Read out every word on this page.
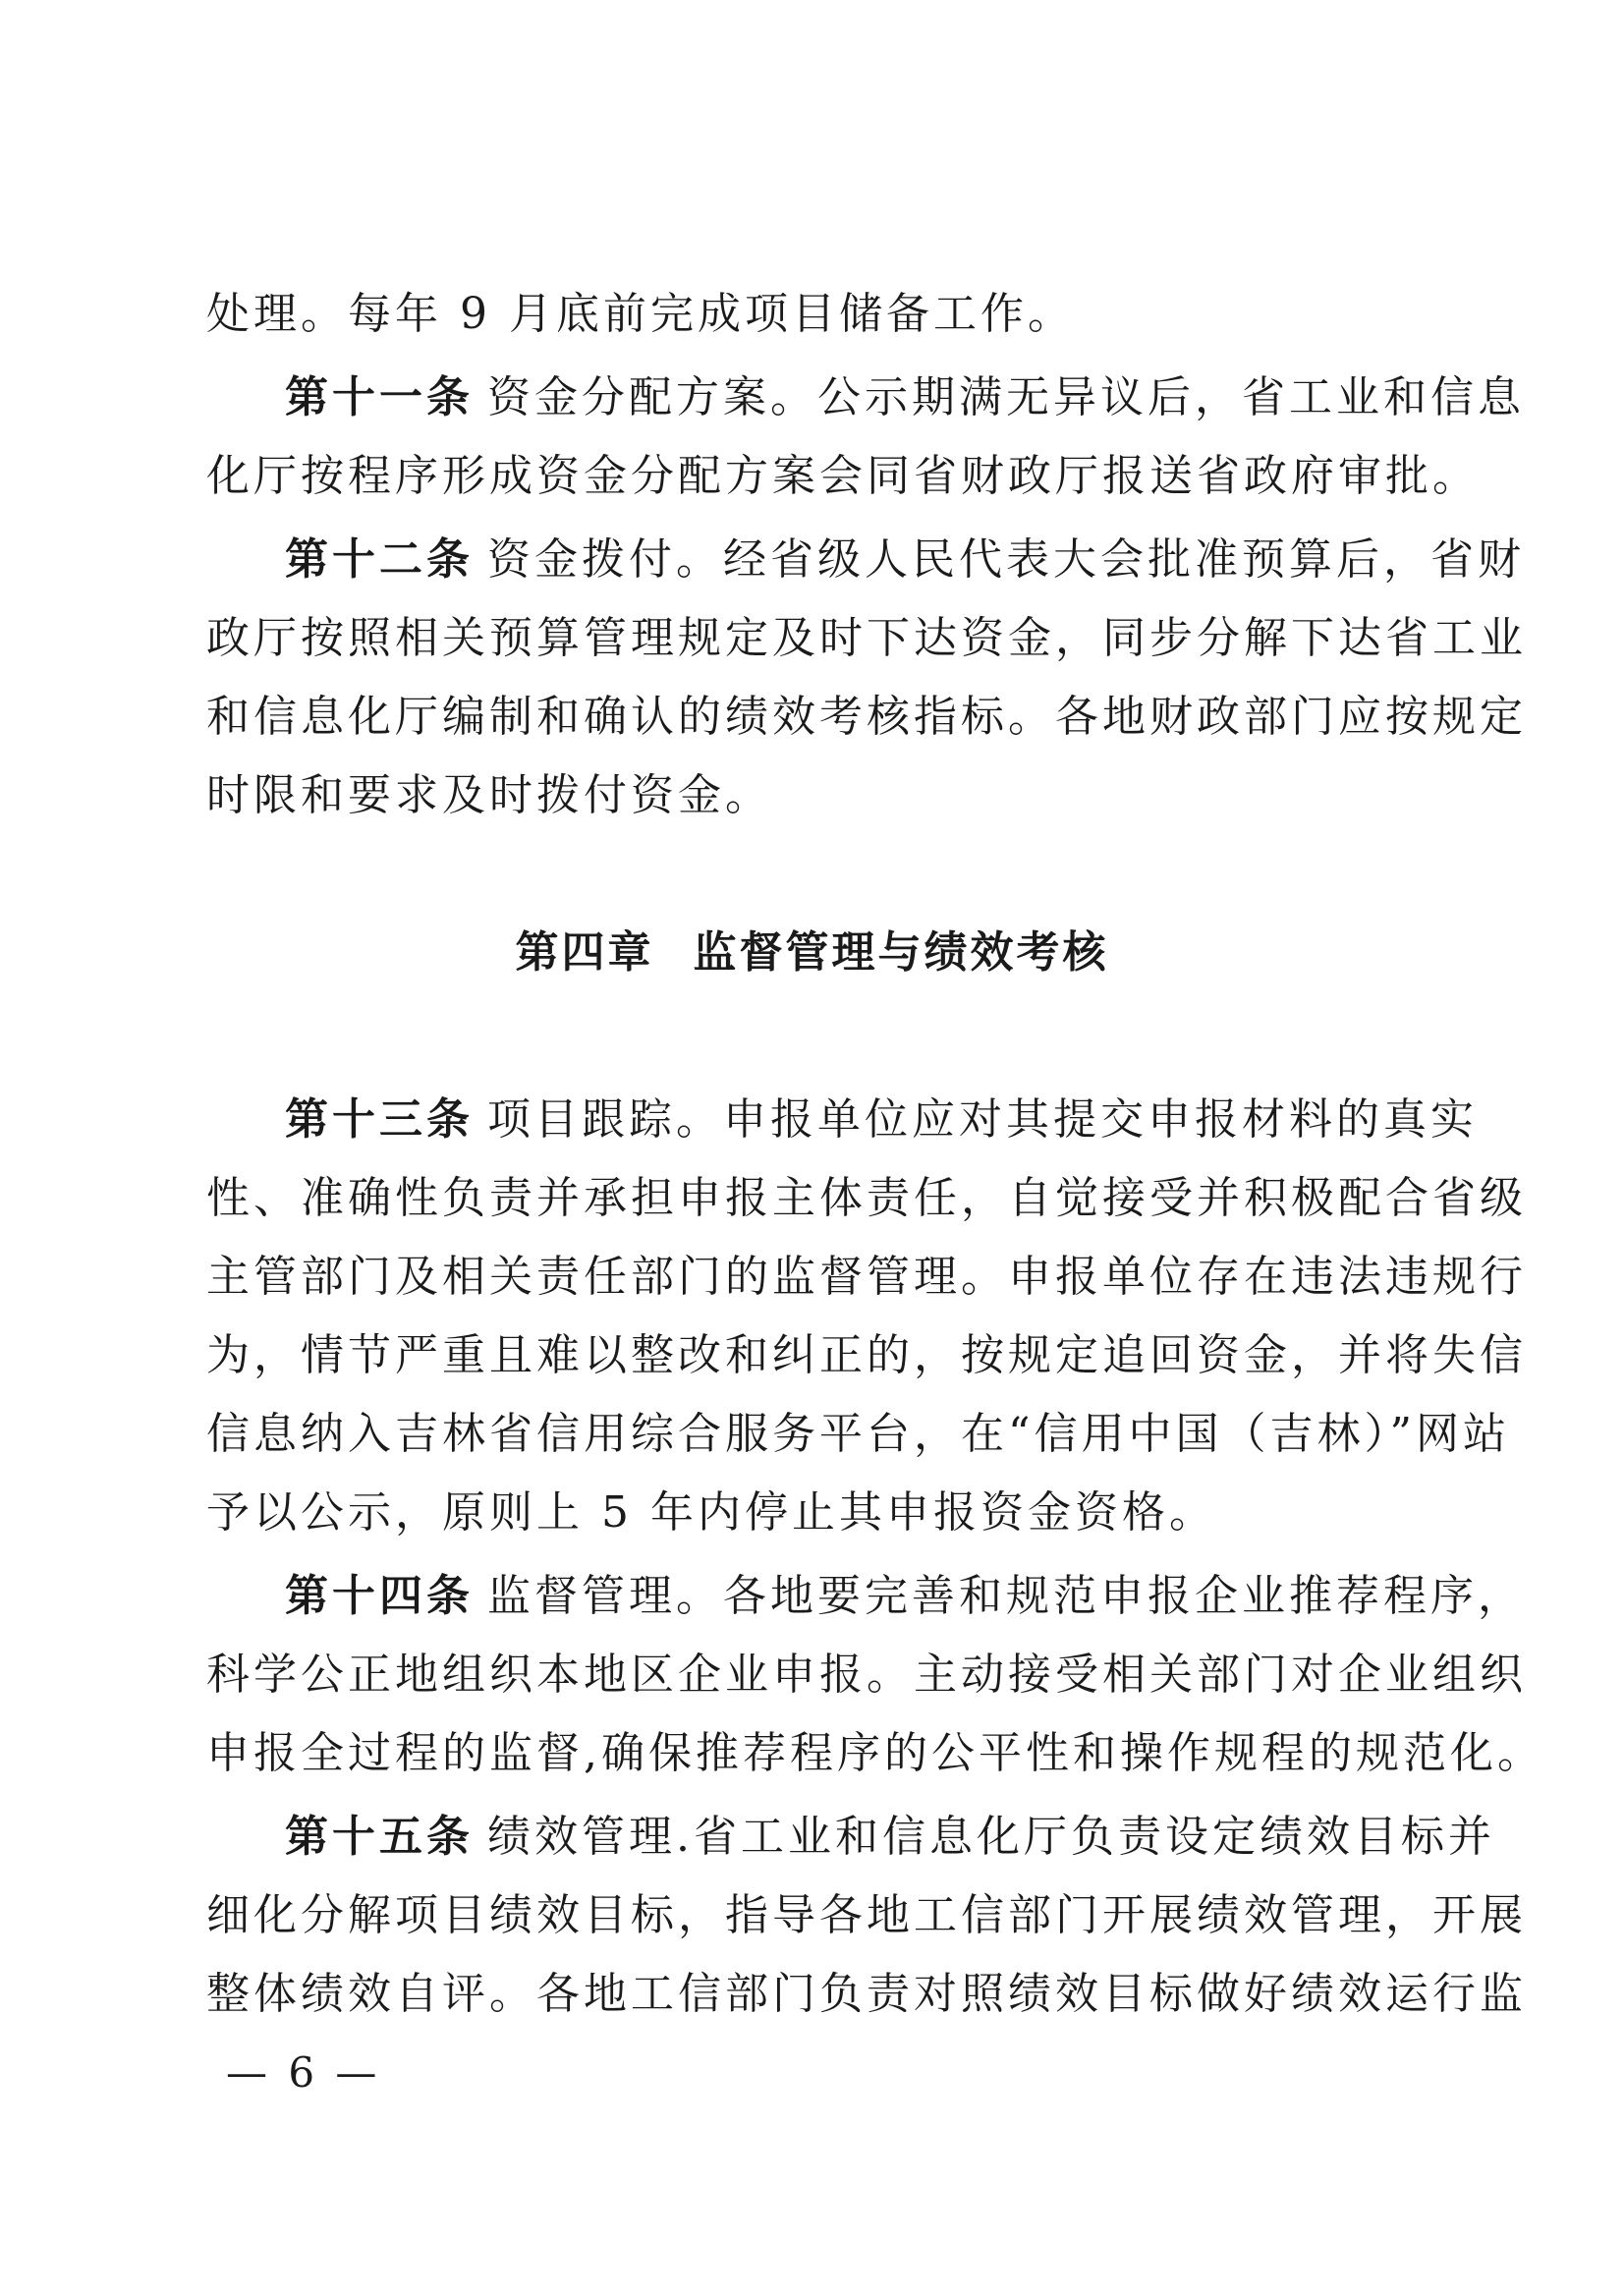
处理。每年 9 月底前完成项目储备工作。
第十一条 资金分配方案。公示期满无异议后，省工业和信息
化厅按程序形成资金分配方案会同省财政厅报送省政府审批。
第十二条 资金拨付。经省级人民代表大会批准预算后，省财
政厅按照相关预算管理规定及时下达资金，同步分解下达省工业
和信息化厅编制和确认的绩效考核指标。各地财政部门应按规定
时限和要求及时拨付资金。
第四章 监督管理与绩效考核
第十三条 项目跟踪。申报单位应对其提交申报材料的真实
性、准确性负责并承担申报主体责任，自觉接受并积极配合省级
主管部门及相关责任部门的监督管理。申报单位存在违法违规行
为，情节严重且难以整改和纠正的，按规定追回资金，并将失信
信息纳入吉林省信用综合服务平台，在“信用中国（吉林）”网站
予以公示，原则上 5 年内停止其申报资金资格。
第十四条 监督管理。各地要完善和规范申报企业推荐程序，
科学公正地组织本地区企业申报。主动接受相关部门对企业组织
申报全过程的监督,确保推荐程序的公平性和操作规程的规范化。
第十五条 绩效管理.省工业和信息化厅负责设定绩效目标并
细化分解项目绩效目标，指导各地工信部门开展绩效管理，开展
整体绩效自评。各地工信部门负责对照绩效目标做好绩效运行监
— 6 —
